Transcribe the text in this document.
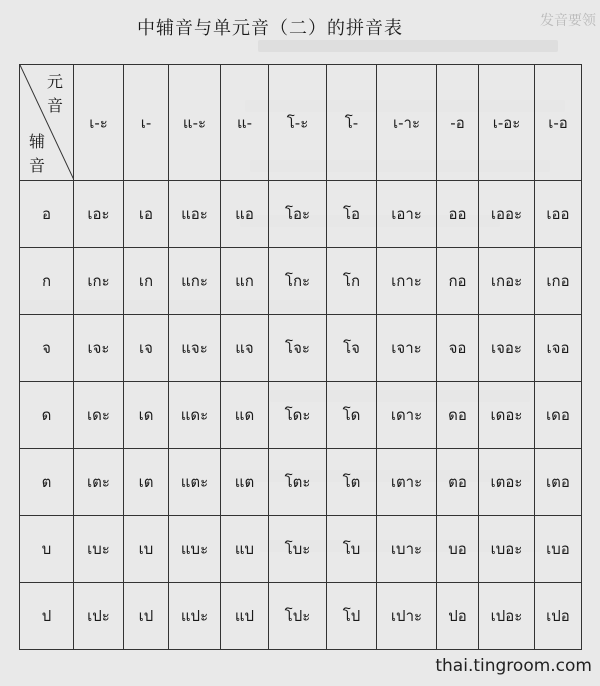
中辅音与单元音（二）的拼音表	发音要领
元
音
辅
音	เ-ะ	เ-	แ-ะ	แ-	โ-ะ	โ-	เ-าะ	-อ	เ-อะ	เ-อ
อ	เอะ	เอ	แอะ	แอ	โอะ	โอ	เอาะ	ออ	เออะ	เออ
ก	เกะ	เก	แกะ	แก	โกะ	โก	เกาะ	กอ	เกอะ	เกอ
จ	เจะ	เจ	แจะ	แจ	โจะ	โจ	เจาะ	จอ	เจอะ	เจอ
ด	เดะ	เด	แดะ	แด	โดะ	โด	เดาะ	ดอ	เดอะ	เดอ
ต	เตะ	เต	แตะ	แต	โตะ	โต	เตาะ	ตอ	เตอะ	เตอ
บ	เบะ	เบ	แบะ	แบ	โบะ	โบ	เบาะ	บอ	เบอะ	เบอ
ป	เปะ	เป	แปะ	แป	โปะ	โป	เปาะ	ปอ	เปอะ	เปอ
thai.tingroom.com
